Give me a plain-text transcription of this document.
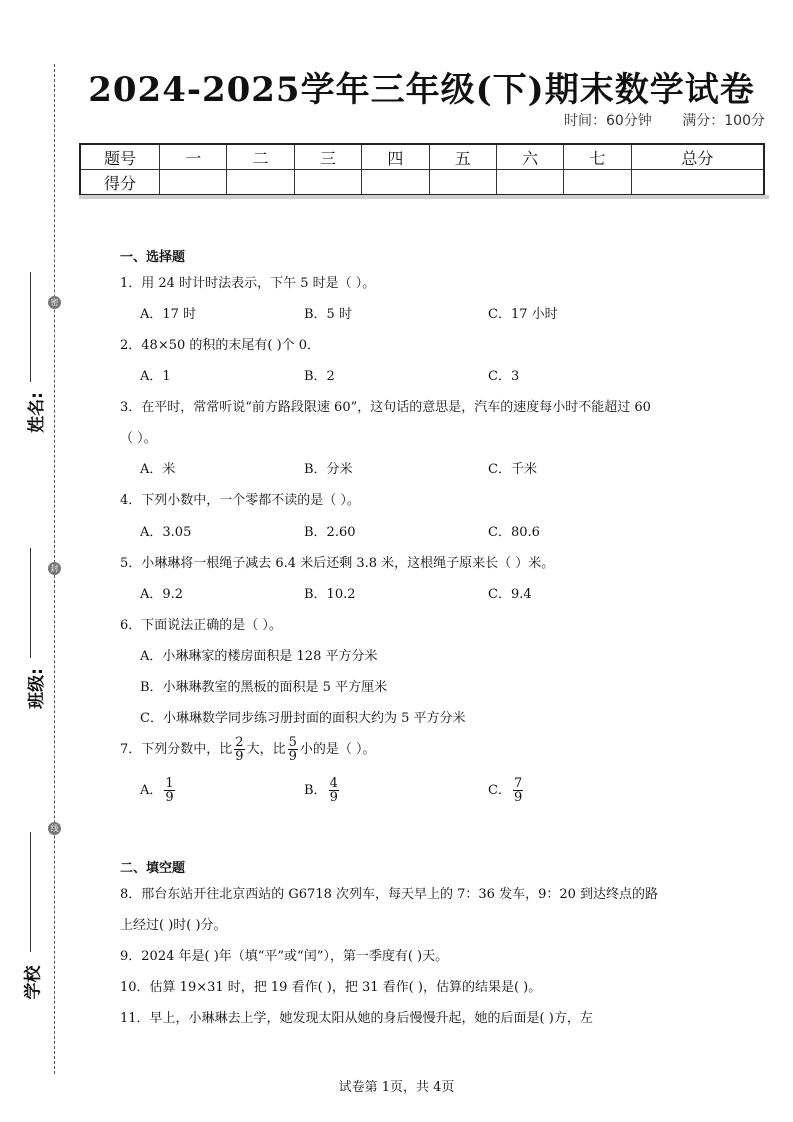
密
封
线
姓名:
班级:
学校
2024-2025学年三年级(下)期末数学试卷
时间：60分钟 满分：100分
题号	一	二	三	四	五	六	七	总分
得分								
一、选择题
1．用 24 时计时法表示，下午 5 时是（ ）。
A．17 时	B．5 时	C．17 小时
2．48×50 的积的末尾有( )个 0．
A．1	B．2	C．3
3．在平时，常常听说“前方路段限速 60”，这句话的意思是，汽车的速度每小时不能超过 60
（ ）。
A．米	B．分米	C．千米
4．下列小数中，一个零都不读的是（ ）。
A．3.05	B．2.60	C．80.6
5．小琳琳将一根绳子减去 6.4 米后还剩 3.8 米，这根绳子原来长（ ）米。
A．9.2	B．10.2	C．9.4
6．下面说法正确的是（ ）。
A．小琳琳家的楼房面积是 128 平方分米
B．小琳琳教室的黑板的面积是 5 平方厘米
C．小琳琳数学同步练习册封面的面积大约为 5 平方分米
7．下列分数中，比 $\frac{2}{9}$ 大，比 $\frac{5}{9}$ 小的是（ ）。
A． $\frac{1}{9}$	B． $\frac{4}{9}$	C． $\frac{7}{9}$
二、填空题
8．邢台东站开往北京西站的 G6718 次列车，每天早上的 7：36 发车，9：20 到达终点的路
上经过( )时( )分。
9．2024 年是( )年（填“平”或“闰”），第一季度有( )天。
10．估算 19×31 时，把 19 看作( )，把 31 看作( )，估算的结果是( )。
11．早上，小琳琳去上学，她发现太阳从她的身后慢慢升起，她的后面是( )方，左
试卷第 1页，共 4页
